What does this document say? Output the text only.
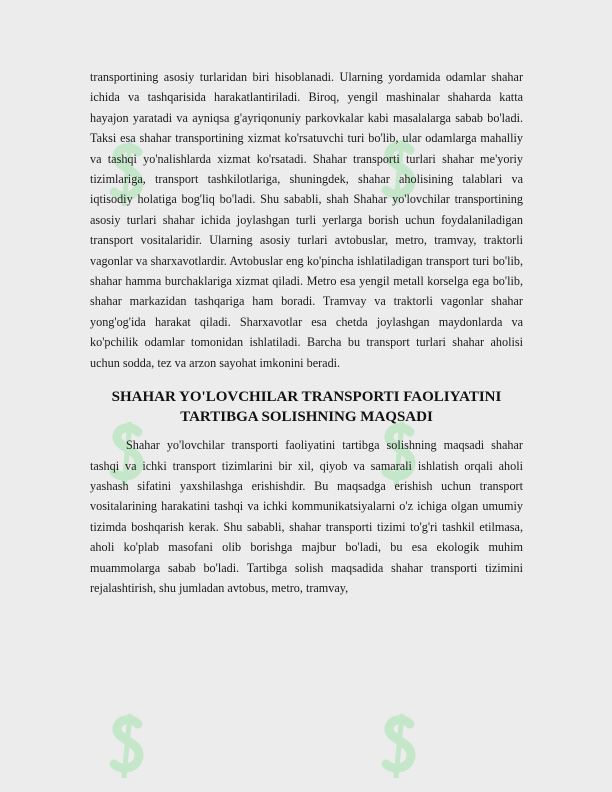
transportining asosiy turlaridan biri hisoblanadi. Ularning yordamida odamlar shahar ichida va tashqarisida harakatlantiriladi. Biroq, yengil mashinalar shaharda katta hayajon yaratadi va ayniqsa g'ayriqonuniy parkovkalar kabi masalalarga sabab bo'ladi. Taksi esa shahar transportining xizmat ko'rsatuvchi turi bo'lib, ular odamlarga mahalliy va tashqi yo'nalishlarda xizmat ko'rsatadi. Shahar transporti turlari shahar me'yoriy tizimlariga, transport tashkilotlariga, shuningdek, shahar aholisining talablari va iqtisodiy holatiga bog'liq bo'ladi. Shu sababli, shah Shahar yo'lovchilar transportining asosiy turlari shahar ichida joylashgan turli yerlarga borish uchun foydalaniladigan transport vositalaridir. Ularning asosiy turlari avtobuslar, metro, tramvay, traktorli vagonlar va sharxavotlardir. Avtobuslar eng ko'pincha ishlatiladigan transport turi bo'lib, shahar hamma burchaklariga xizmat qiladi. Metro esa yengil metall korselga ega bo'lib, shahar markazidan tashqariga ham boradi. Tramvay va traktorli vagonlar shahar yong'og'ida harakat qiladi. Sharxavotlar esa chetda joylashgan maydonlarda va ko'pchilik odamlar tomonidan ishlatiladi. Barcha bu transport turlari shahar aholisi uchun sodda, tez va arzon sayohat imkonini beradi.

SHAHAR YO'LOVCHILAR TRANSPORTI FAOLIYATINI TARTIBGA SOLISHNING MAQSADI

Shahar yo'lovchilar transporti faoliyatini tartibga solishning maqsadi shahar tashqi va ichki transport tizimlarini bir xil, qiyob va samarali ishlatish orqali aholi yashash sifatini yaxshilashga erishishdir. Bu maqsadga erishish uchun transport vositalarining harakatini tashqi va ichki kommunikatsiyalarni o'z ichiga olgan umumiy tizimda boshqarish kerak. Shu sababli, shahar transporti tizimi to'g'ri tashkil etilmasa, aholi ko'plab masofani olib borishga majbur bo'ladi, bu esa ekologik muhim muammolarga sabab bo'ladi. Tartibga solish maqsadida shahar transporti tizimini rejalashtirish, shu jumladan avtobus, metro, tramvay,
